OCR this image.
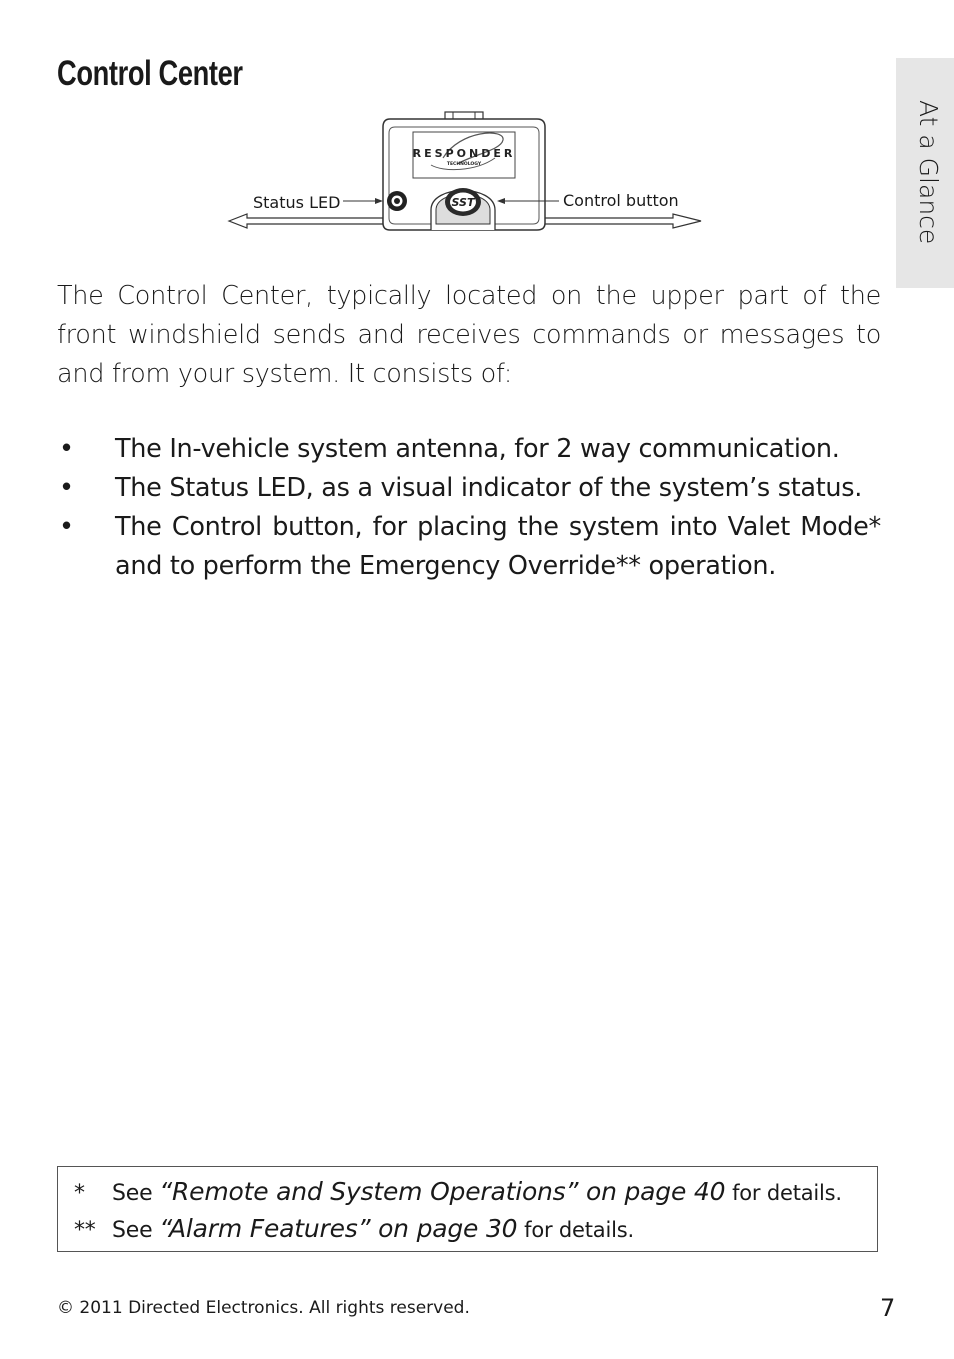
Control Center
At a Glance
RESPONDER
TECHNOLOGY
SST
Status LED	Control button
The Control Center, typically located on the upper part of the front windshield sends and receives commands or messages to and from your system. It consists of:
• The In-vehicle system antenna, for 2 way communication.
• The Status LED, as a visual indicator of the system’s status.
• The Control button, for placing the system into Valet Mode* and to perform the Emergency Override** operation.
* See “Remote and System Operations” on page 40 for details.
** See “Alarm Features” on page 30 for details.
© 2011 Directed Electronics. All rights reserved.	7
